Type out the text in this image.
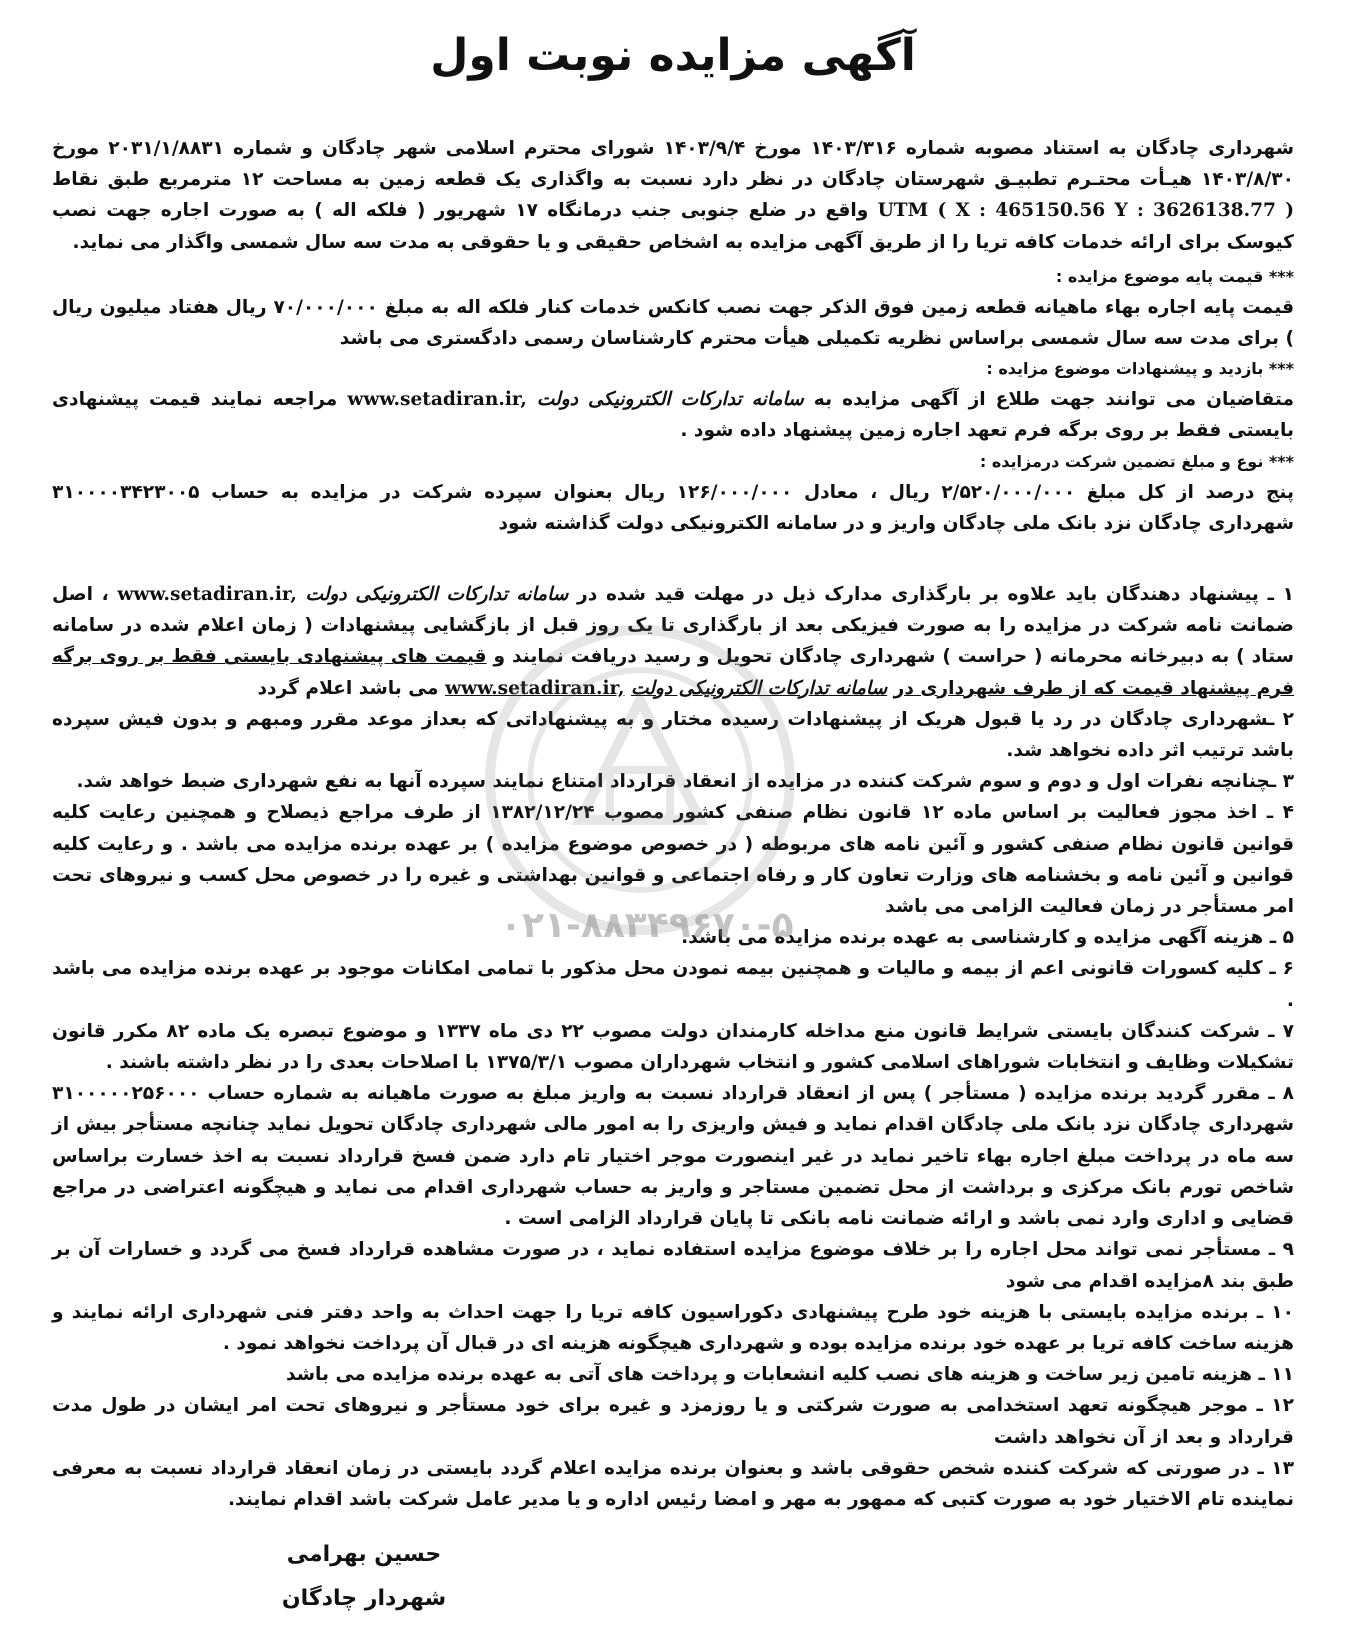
آگهی مزایده نوبت اول

شهرداری چادگان به استناد مصوبه شماره ۱۴۰۳/۳۱۶ مورخ ۱۴۰۳/۹/۴ شورای محترم اسلامی شهر چادگان و شماره ۲۰۳۱/۱/۸۸۳۱ مورخ ۱۴۰۳/۸/۳۰ هیـأت محتـرم تطبیـق شهرستان چادگان در نظر دارد نسبت به واگذاری یک قطعه زمین به مساحت ۱۲ مترمربع طبق نقاط UTM ( X : 465150.56 Y : 3626138.77 ) واقع در ضلع جنوبی جنب درمانگاه ۱۷ شهریور ( فلکه اله ) به صورت اجاره جهت نصب کیوسک برای ارائه خدمات کافه تریا را از طریق آگهی مزایده به اشخاص حقیقی و یا حقوقی به مدت سه سال شمسی واگذار می نماید.

*** قیمت پایه موضوع مزایده :

قیمت پایه اجاره بهاء ماهیانه قطعه زمین فوق الذکر جهت نصب کانکس خدمات کنار فلکه اله به مبلغ ۷۰/۰۰۰/۰۰۰ ریال هفتاد میلیون ریال ) برای مدت سه سال شمسی براساس نظریه تکمیلی هیأت محترم کارشناسان رسمی دادگستری می باشد

*** بازدید و پیشنهادات موضوع مزایده :

متقاضیان می توانند جهت طلاع از آگهی مزایده به سامانه تدارکات الکترونیکی دولت www.setadiran.ir, مراجعه نمایند قیمت پیشنهادی بایستی فقط بر روی برگه فرم تعهد اجاره زمین پیشنهاد داده شود .

*** نوع و مبلغ تضمین شرکت درمزایده :

پنج درصد از کل مبلغ ۲/۵۲۰/۰۰۰/۰۰۰ ریال ، معادل ۱۲۶/۰۰۰/۰۰۰ ریال بعنوان سپرده شرکت در مزایده به حساب ۳۱۰۰۰۰۳۴۲۳۰۰۵ شهرداری چادگان نزد بانک ملی چادگان واریز و در سامانه الکترونیکی دولت گذاشته شود

۱ ـ پیشنهاد دهندگان باید علاوه بر بارگذاری مدارک ذیل در مهلت قید شده در سامانه تدارکات الکترونیکی دولت www.setadiran.ir, ، اصل ضمانت نامه شرکت در مزایده را به صورت فیزیکی بعد از بارگذاری تا یک روز قبل از بازگشایی پیشنهادات ( زمان اعلام شده در سامانه ستاد ) به دبیرخانه محرمانه ( حراست ) شهرداری چادگان تحویل و رسید دریافت نمایند و قیمت های پیشنهادی بایستی فقط بر روی برگه فرم پیشنهاد قیمت که از طرف شهرداری در سامانه تدارکات الکترونیکی دولت www.setadiran.ir, می باشد اعلام گردد

۲ ـشهرداری چادگان در رد یا قبول هریک از پیشنهادات رسیده مختار و به پیشنهاداتی که بعداز موعد مقرر ومبهم و بدون فیش سپرده باشد ترتیب اثر داده نخواهد شد.

۳ ـچنانچه نفرات اول و دوم و سوم شرکت کننده در مزایده از انعقاد قرارداد امتناع نمایند سپرده آنها به نفع شهرداری ضبط خواهد شد.

۴ ـ اخذ مجوز فعالیت بر اساس ماده ۱۲ قانون نظام صنفی کشور مصوب ۱۳۸۲/۱۲/۲۴ از طرف مراجع ذیصلاح و همچنین رعایت کلیه قوانین قانون نظام صنفی کشور و آئین نامه های مربوطه ( در خصوص موضوع مزایده ) بر عهده برنده مزایده می باشد . و رعایت کلیه قوانین و آئین نامه و بخشنامه های وزارت تعاون کار و رفاه اجتماعی و قوانین بهداشتی و غیره را در خصوص محل کسب و نیروهای تحت امر مستأجر در زمان فعالیت الزامی می باشد

۵ ـ هزینه آگهی مزایده و کارشناسی به عهده برنده مزایده می باشد.

۶ ـ کلیه کسورات قانونی اعم از بیمه و مالیات و همچنین بیمه نمودن محل مذکور با تمامی امکانات موجود بر عهده برنده مزایده می باشد .

۷ ـ شرکت کنندگان بایستی شرایط قانون منع مداخله کارمندان دولت مصوب ۲۲ دی ماه ۱۳۳۷ و موضوع تبصره یک ماده ۸۲ مکرر قانون تشکیلات وظایف و انتخابات شوراهای اسلامی کشور و انتخاب شهرداران مصوب ۱۳۷۵/۳/۱ با اصلاحات بعدی را در نظر داشته باشند .

۸ ـ مقرر گردید برنده مزایده ( مستأجر ) پس از انعقاد قرارداد نسبت به واریز مبلغ به صورت ماهیانه به شماره حساب ۳۱۰۰۰۰۰۲۵۶۰۰۰ شهرداری چادگان نزد بانک ملی چادگان اقدام نماید و فیش واریزی را به امور مالی شهرداری چادگان تحویل نماید چنانچه مستأجر بیش از سه ماه در پرداخت مبلغ اجاره بهاء تاخیر نماید در غیر اینصورت موجر اختیار تام دارد ضمن فسخ قرارداد نسبت به اخذ خسارت براساس شاخص تورم بانک مرکزی و برداشت از محل تضمین مستاجر و واریز به حساب شهرداری اقدام می نماید و هیچگونه اعتراضی در مراجع قضایی و اداری وارد نمی باشد و ارائه ضمانت نامه بانکی تا پایان قرارداد الزامی است .

۹ ـ مستأجر نمی تواند محل اجاره را بر خلاف موضوع مزایده استفاده نماید ، در صورت مشاهده قرارداد فسخ می گردد و خسارات آن بر طبق بند ۸مزایده اقدام می شود

۱۰ ـ برنده مزایده بایستی با هزینه خود طرح پیشنهادی دکوراسیون کافه تریا را جهت احداث به واحد دفتر فنی شهرداری ارائه نمایند و هزینه ساخت کافه تریا بر عهده خود برنده مزایده بوده و شهرداری هیچگونه هزینه ای در قبال آن پرداخت نخواهد نمود .

۱۱ ـ هزینه تامین زیر ساخت و هزینه های نصب کلیه انشعابات و پرداخت های آتی به عهده برنده مزایده می باشد

۱۲ ـ موجر هیچگونه تعهد استخدامی به صورت شرکتی و یا روزمزد و غیره برای خود مستأجر و نیروهای تحت امر ایشان در طول مدت قرارداد و بعد از آن نخواهد داشت

۱۳ ـ در صورتی که شرکت کننده شخص حقوقی باشد و بعنوان برنده مزایده اعلام گردد بایستی در زمان انعقاد قرارداد نسبت به معرفی نماینده تام الاختیار خود به صورت کتبی که ممهور به مهر و امضا رئیس اداره و یا مدیر عامل شرکت باشد اقدام نمایند.

حسین بهرامی
شهردار چادگان
۰۲۱-۸۸۳۴۹۶۷۰-۵
